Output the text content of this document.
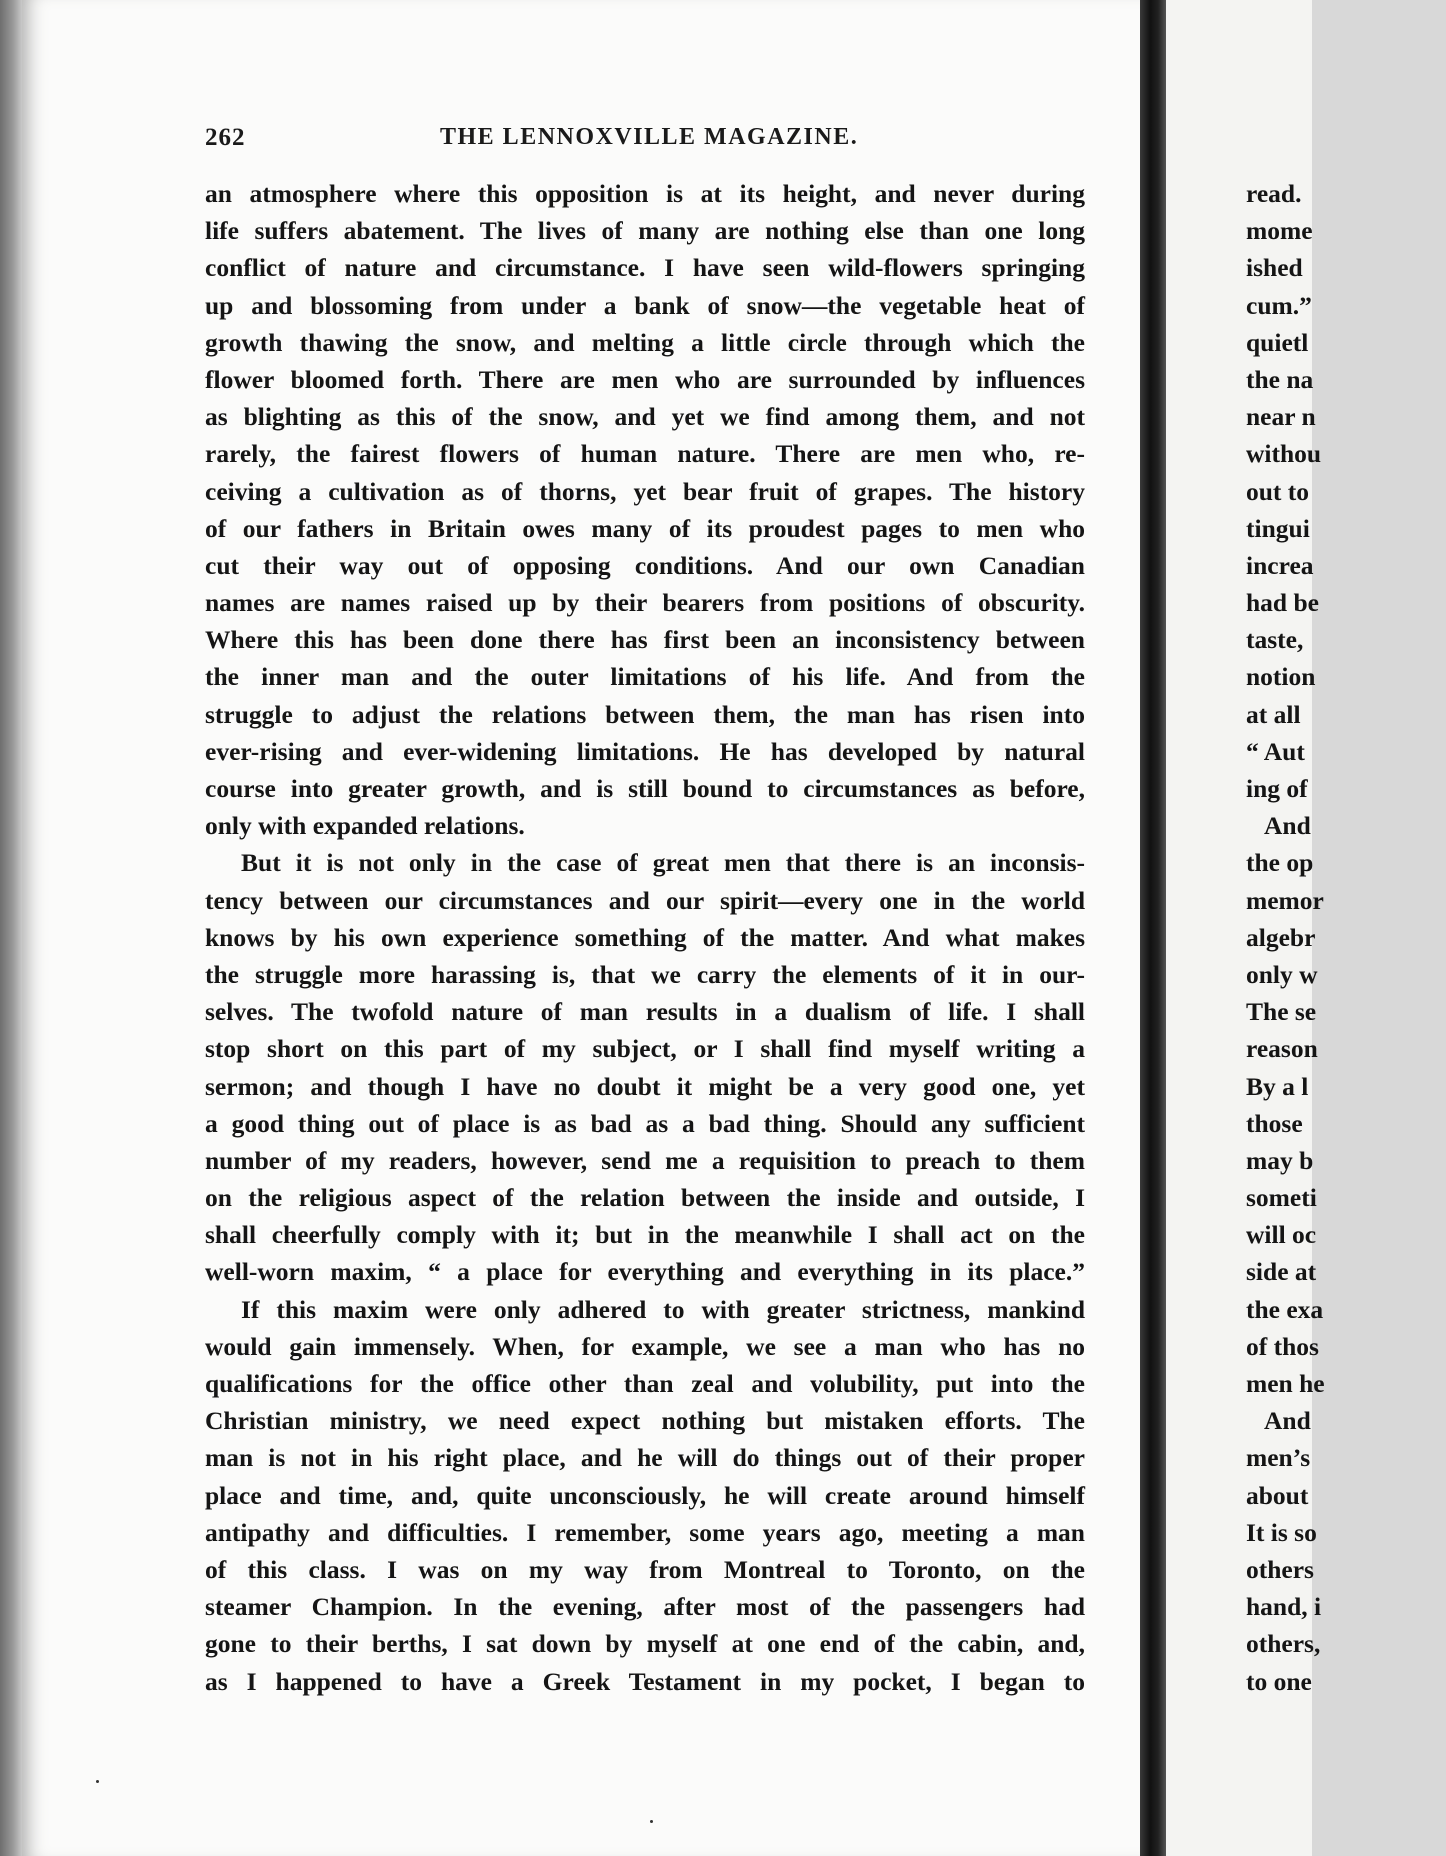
262	THE LENNOXVILLE MAGAZINE.
an atmosphere where this opposition is at its height, and never during
life suffers abatement. The lives of many are nothing else than one long
conflict of nature and circumstance. I have seen wild-flowers springing
up and blossoming from under a bank of snow—the vegetable heat of
growth thawing the snow, and melting a little circle through which the
flower bloomed forth. There are men who are surrounded by influences
as blighting as this of the snow, and yet we find among them, and not
rarely, the fairest flowers of human nature. There are men who, re-
ceiving a cultivation as of thorns, yet bear fruit of grapes. The history
of our fathers in Britain owes many of its proudest pages to men who
cut their way out of opposing conditions. And our own Canadian
names are names raised up by their bearers from positions of obscurity.
Where this has been done there has first been an inconsistency between
the inner man and the outer limitations of his life. And from the
struggle to adjust the relations between them, the man has risen into
ever-rising and ever-widening limitations. He has developed by natural
course into greater growth, and is still bound to circumstances as before,
only with expanded relations.
But it is not only in the case of great men that there is an inconsis-
tency between our circumstances and our spirit—every one in the world
knows by his own experience something of the matter. And what makes
the struggle more harassing is, that we carry the elements of it in our-
selves. The twofold nature of man results in a dualism of life. I shall
stop short on this part of my subject, or I shall find myself writing a
sermon; and though I have no doubt it might be a very good one, yet
a good thing out of place is as bad as a bad thing. Should any sufficient
number of my readers, however, send me a requisition to preach to them
on the religious aspect of the relation between the inside and outside, I
shall cheerfully comply with it; but in the meanwhile I shall act on the
well-worn maxim, “ a place for everything and everything in its place.”
If this maxim were only adhered to with greater strictness, mankind
would gain immensely. When, for example, we see a man who has no
qualifications for the office other than zeal and volubility, put into the
Christian ministry, we need expect nothing but mistaken efforts. The
man is not in his right place, and he will do things out of their proper
place and time, and, quite unconsciously, he will create around himself
antipathy and difficulties. I remember, some years ago, meeting a man
of this class. I was on my way from Montreal to Toronto, on the
steamer Champion. In the evening, after most of the passengers had
gone to their berths, I sat down by myself at one end of the cabin, and,
as I happened to have a Greek Testament in my pocket, I began to
read.
mome
ished
cum.”
quietl
the na
near n
withou
out to
tingui
increa
had be
taste,
notion
at all
“ Aut
ing of
And
the op
memor
algebr
only w
The se
reason
By a l
those
may b
someti
will oc
side at
the exa
of thos
men he
And
men’s
about
It is so
others
hand, i
others,
to one
